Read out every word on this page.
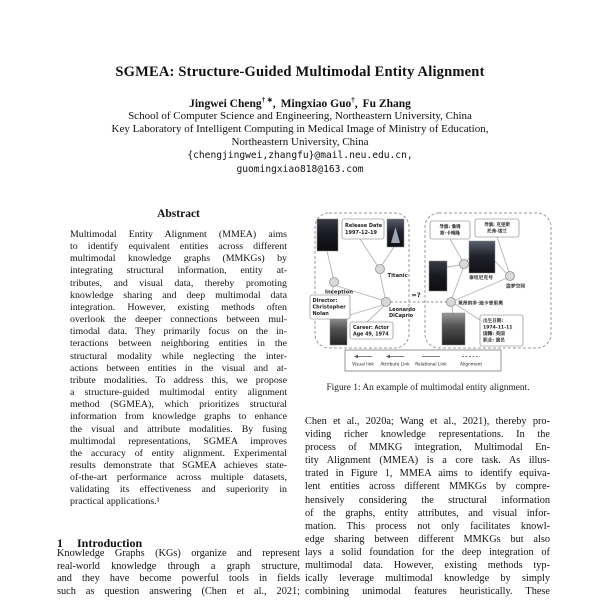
SGMEA: Structure-Guided Multimodal Entity Alignment
Jingwei Cheng† ∗, Mingxiao Guo†, Fu Zhang
School of Computer Science and Engineering, Northeastern University, China
Key Laboratory of Intelligent Computing in Medical Image of Ministry of Education,
Northeastern University, China
{chengjingwei,zhangfu}@mail.neu.edu.cn,
guomingxiao818@163.com
Abstract
Multimodal Entity Alignment (MMEA) aims
to identify equivalent entities across different
multimodal knowledge graphs (MMKGs) by
integrating structural information, entity at-
tributes, and visual data, thereby promoting
knowledge sharing and deep multimodal data
integration. However, existing methods often
overlook the deeper connections between mul-
timodal data. They primarily focus on the in-
teractions between neighboring entities in the
structural modality while neglecting the inter-
actions between entities in the visual and at-
tribute modalities. To address this, we propose
a structure-guided multimodal entity alignment
method (SGMEA), which prioritizes structural
information from knowledge graphs to enhance
the visual and attribute modalities. By fusing
multimodal representations, SGMEA improves
the accuracy of entity alignment. Experimental
results demonstrate that SGMEA achieves state-
of-the-art performance across multiple datasets,
validating its effectiveness and superiority in
practical applications.¹
1 Introduction
Knowledge Graphs (KGs) organize and represent
real-world knowledge through a graph structure,
and they have become powerful tools in fields
such as question answering (Chen et al., 2021;
=?
Release Date
1997-12-19
Director:
Christopher
Nolan
Career: Actor
Age 49, 1974
Titanic
Inception
Leonardo
DiCaprio
导演: 詹姆
斯·卡梅隆
导演: 克里斯
托弗·诺兰
出生日期:
1974-11-11
国籍: 美国
职业: 演员
泰坦尼克号
盗梦空间
莱昂纳多·迪卡普里奥
Visual link Attribute Link Relational Link	Alignment
Figure 1: An example of multimodal entity alignment.
Chen et al., 2020a; Wang et al., 2021), thereby pro-
viding richer knowledge representations. In the
process of MMKG integration, Multimodal En-
tity Alignment (MMEA) is a core task. As illus-
trated in Figure 1, MMEA aims to identify equiva-
lent entities across different MMKGs by compre-
hensively considering the structural information
of the graphs, entity attributes, and visual infor-
mation. This process not only facilitates knowl-
edge sharing between different MMKGs but also
lays a solid foundation for the deep integration of
multimodal data. However, existing methods typ-
ically leverage multimodal knowledge by simply
combining unimodal features heuristically. These
